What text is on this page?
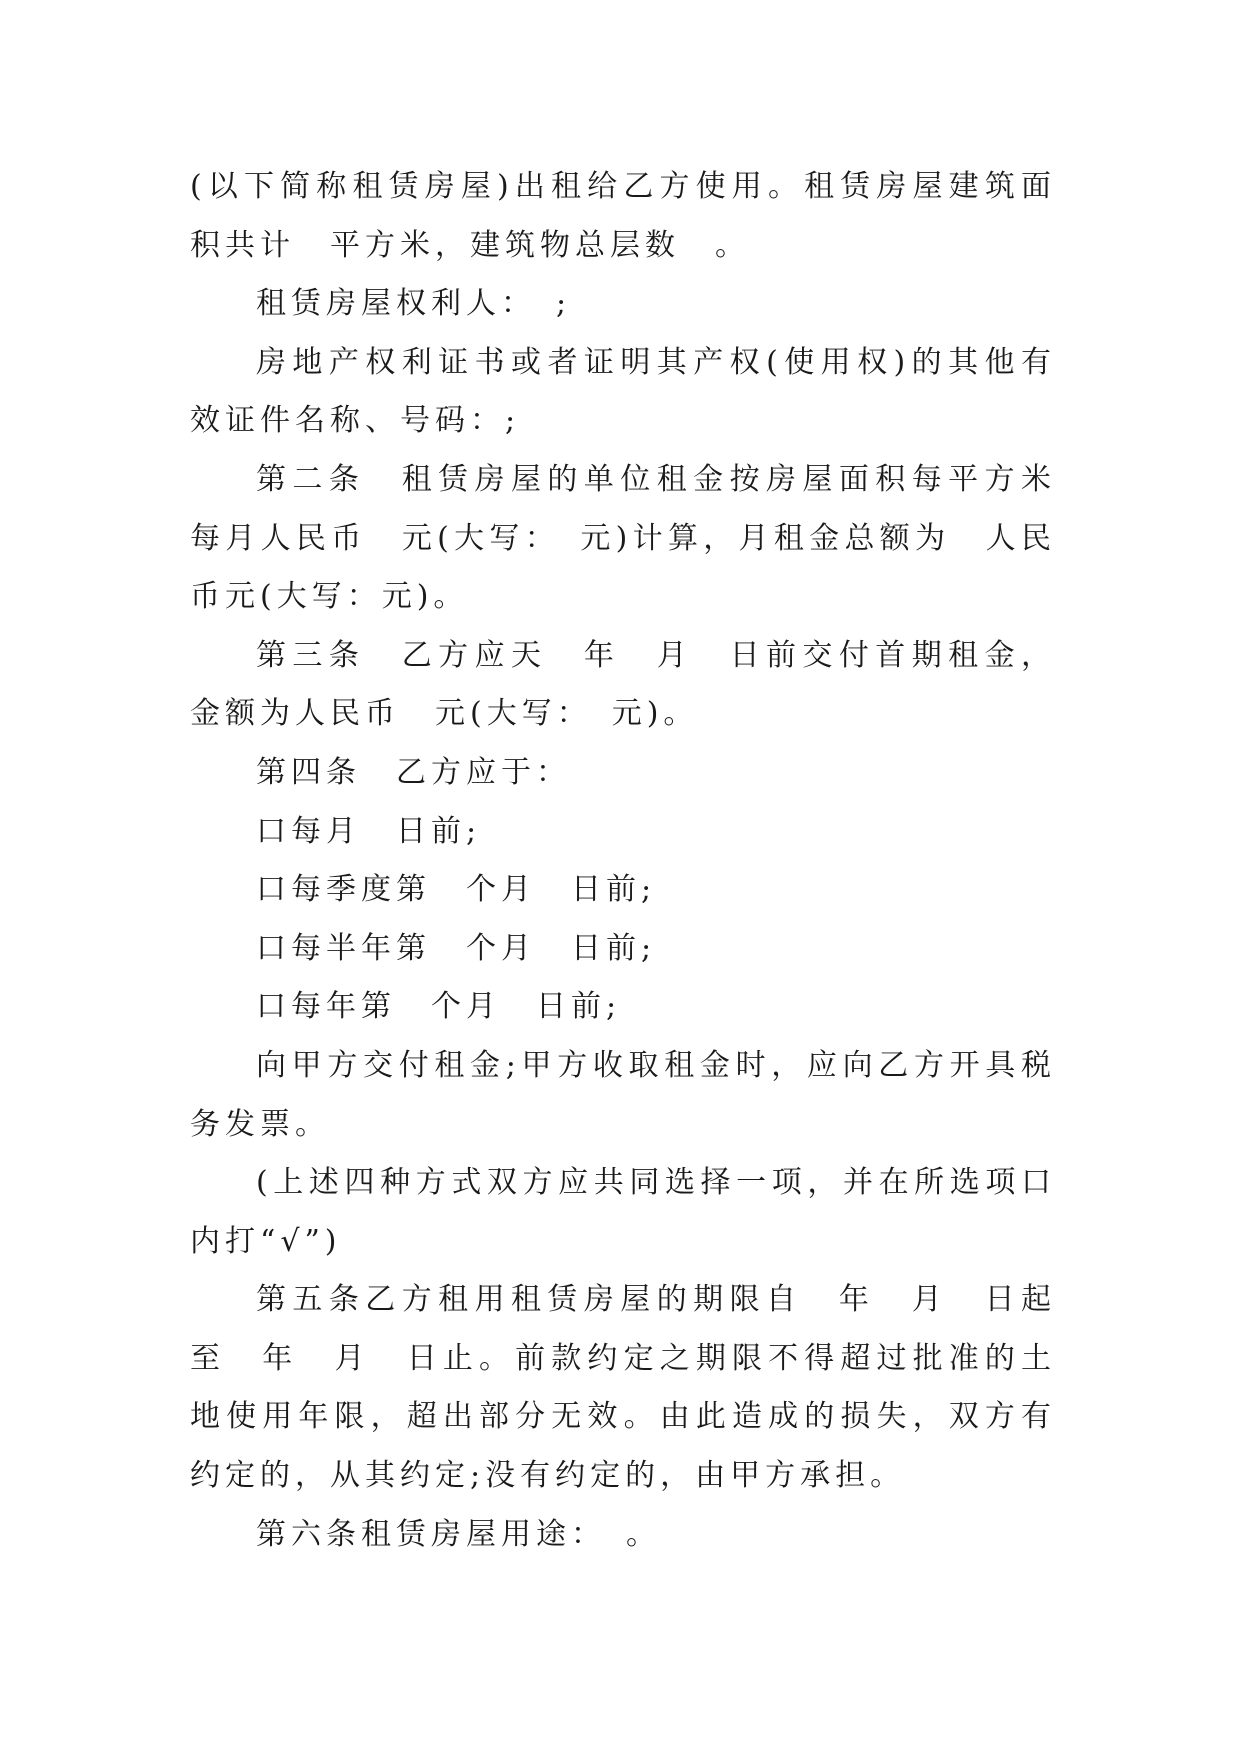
(以下简称租赁房屋)出租给乙方使用。租赁房屋建筑面积共计　平方米，建筑物总层数　。

租赁房屋权利人：　;

房地产权利证书或者证明其产权(使用权)的其他有效证件名称、号码：;

第二条　租赁房屋的单位租金按房屋面积每平方米每月人民币　元(大写：　元)计算，月租金总额为　人民币元(大写：元)。

第三条　乙方应天　年　月　日前交付首期租金，金额为人民币　元(大写：　元)。

第四条　乙方应于：

口每月　日前;

口每季度第　个月　日前;

口每半年第　个月　日前;

口每年第　个月　日前;

向甲方交付租金;甲方收取租金时，应向乙方开具税务发票。

(上述四种方式双方应共同选择一项，并在所选项口内打“√”)

第五条乙方租用租赁房屋的期限自　年　月　日起至　年　月　日止。前款约定之期限不得超过批准的土地使用年限，超出部分无效。由此造成的损失，双方有约定的，从其约定;没有约定的，由甲方承担。

第六条租赁房屋用途：　。
